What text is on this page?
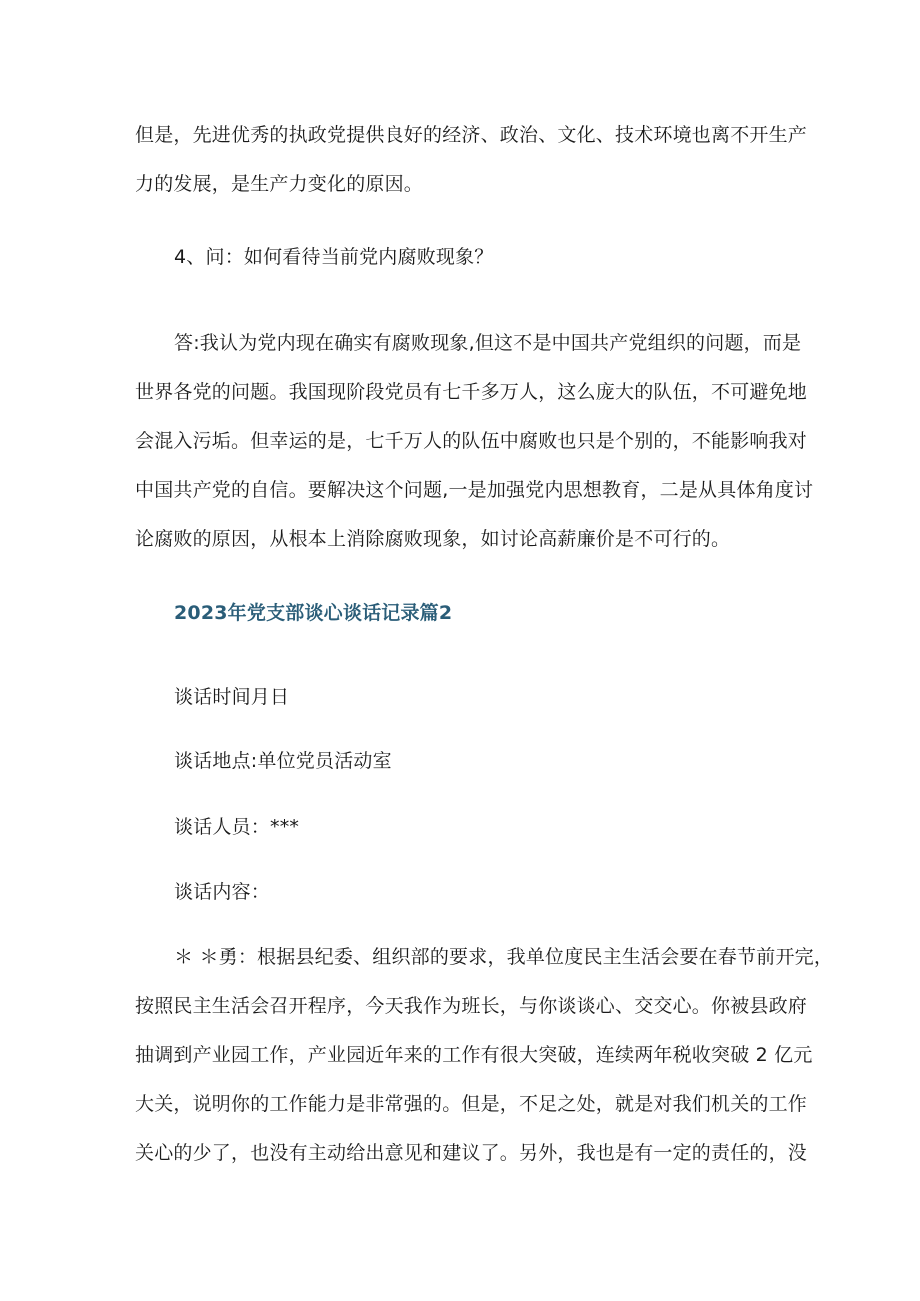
但是，先进优秀的执政党提供良好的经济、政治、文化、技术环境也离不开生产
力的发展，是生产力变化的原因。
4、问：如何看待当前党内腐败现象？
答:我认为党内现在确实有腐败现象,但这不是中国共产党组织的问题，而是
世界各党的问题。我国现阶段党员有七千多万人，这么庞大的队伍，不可避免地
会混入污垢。但幸运的是，七千万人的队伍中腐败也只是个别的，不能影响我对
中国共产党的自信。要解决这个问题,一是加强党内思想教育，二是从具体角度讨
论腐败的原因，从根本上消除腐败现象，如讨论高薪廉价是不可行的。
2023年党支部谈心谈话记录篇2
谈话时间月日
谈话地点:单位党员活动室
谈话人员：***
谈话内容：
＊ ＊勇：根据县纪委、组织部的要求，我单位度民主生活会要在春节前开完，
按照民主生活会召开程序，今天我作为班长，与你谈谈心、交交心。你被县政府
抽调到产业园工作，产业园近年来的工作有很大突破，连续两年税收突破 2 亿元
大关，说明你的工作能力是非常强的。但是，不足之处，就是对我们机关的工作
关心的少了，也没有主动给出意见和建议了。另外，我也是有一定的责任的，没
